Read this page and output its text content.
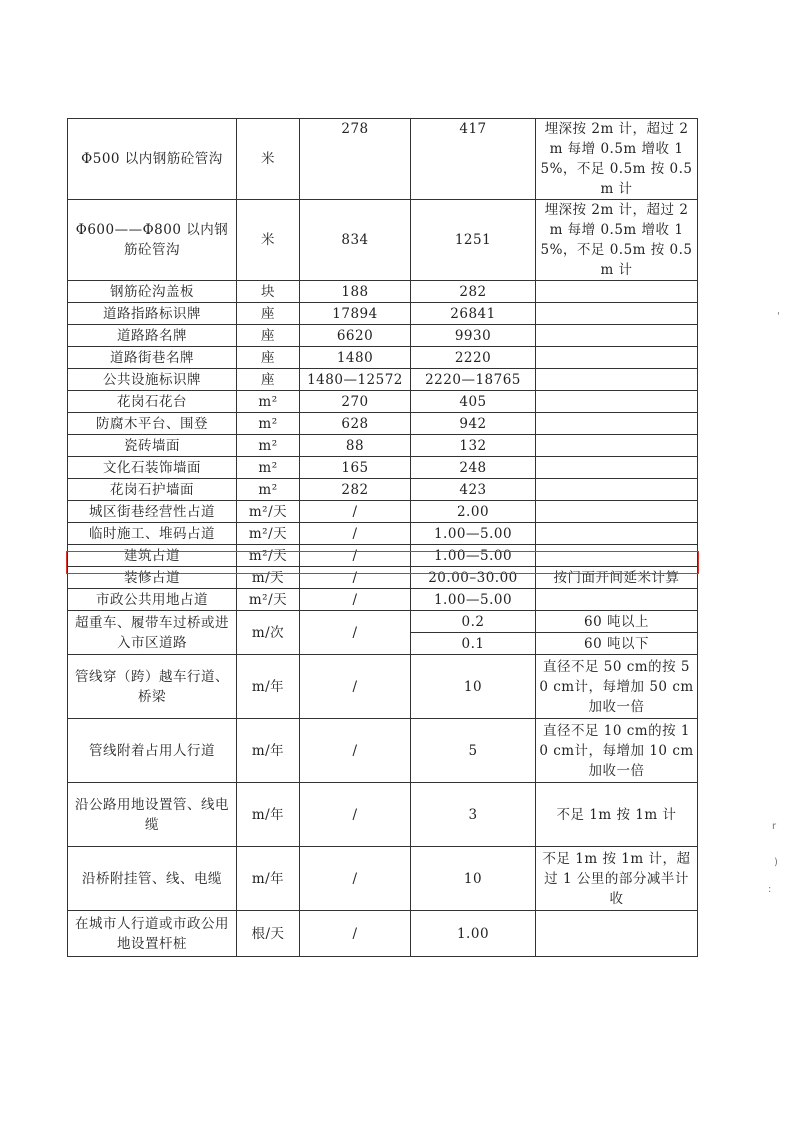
Φ500 以内钢筋砼管沟	米	278	417	埋深按 2m 计，超过 2m 每增 0.5m 增收 15%，不足 0.5m 按 0.5m 计
Φ600——Φ800 以内钢筋砼管沟	米	834	1251	埋深按 2m 计，超过 2m 每增 0.5m 增收 15%，不足 0.5m 按 0.5m 计
钢筋砼沟盖板	块	188	282	
道路指路标识牌	座	17894	26841	
道路路名牌	座	6620	9930	
道路街巷名牌	座	1480	2220	
公共设施标识牌	座	1480—12572	2220—18765	
花岗石花台	m²	270	405	
防腐木平台、围登	m²	628	942	
瓷砖墙面	m²	88	132	
文化石装饰墙面	m²	165	248	
花岗石护墙面	m²	282	423	
城区街巷经营性占道	m²/天	/	2.00	
临时施工、堆码占道	m²/天	/	1.00—5.00	
建筑占道	m²/天	/	1.00—5.00	
装修占道	m/天	/	20.00–30.00	按门面开间延米计算
市政公共用地占道	m²/天	/	1.00—5.00	
超重车、履带车过桥或进入市区道路	m/次	/	0.2	60 吨以上
			0.1	60 吨以下
管线穿（跨）越车行道、桥梁	m/年	/	10	直径不足 50 cm的按 50 cm计，每增加 50 cm加收一倍
管线附着占用人行道	m/年	/	5	直径不足 10 cm的按 10 cm计，每增加 10 cm加收一倍
沿公路用地设置管、线电缆	m/年	/	3	不足 1m 按 1m 计
沿桥附挂管、线、电缆	m/年	/	10	不足 1m 按 1m 计，超过 1 公里的部分减半计收
在城市人行道或市政公用地设置杆桩	根/天	/	1.00	
'
r
)
:
